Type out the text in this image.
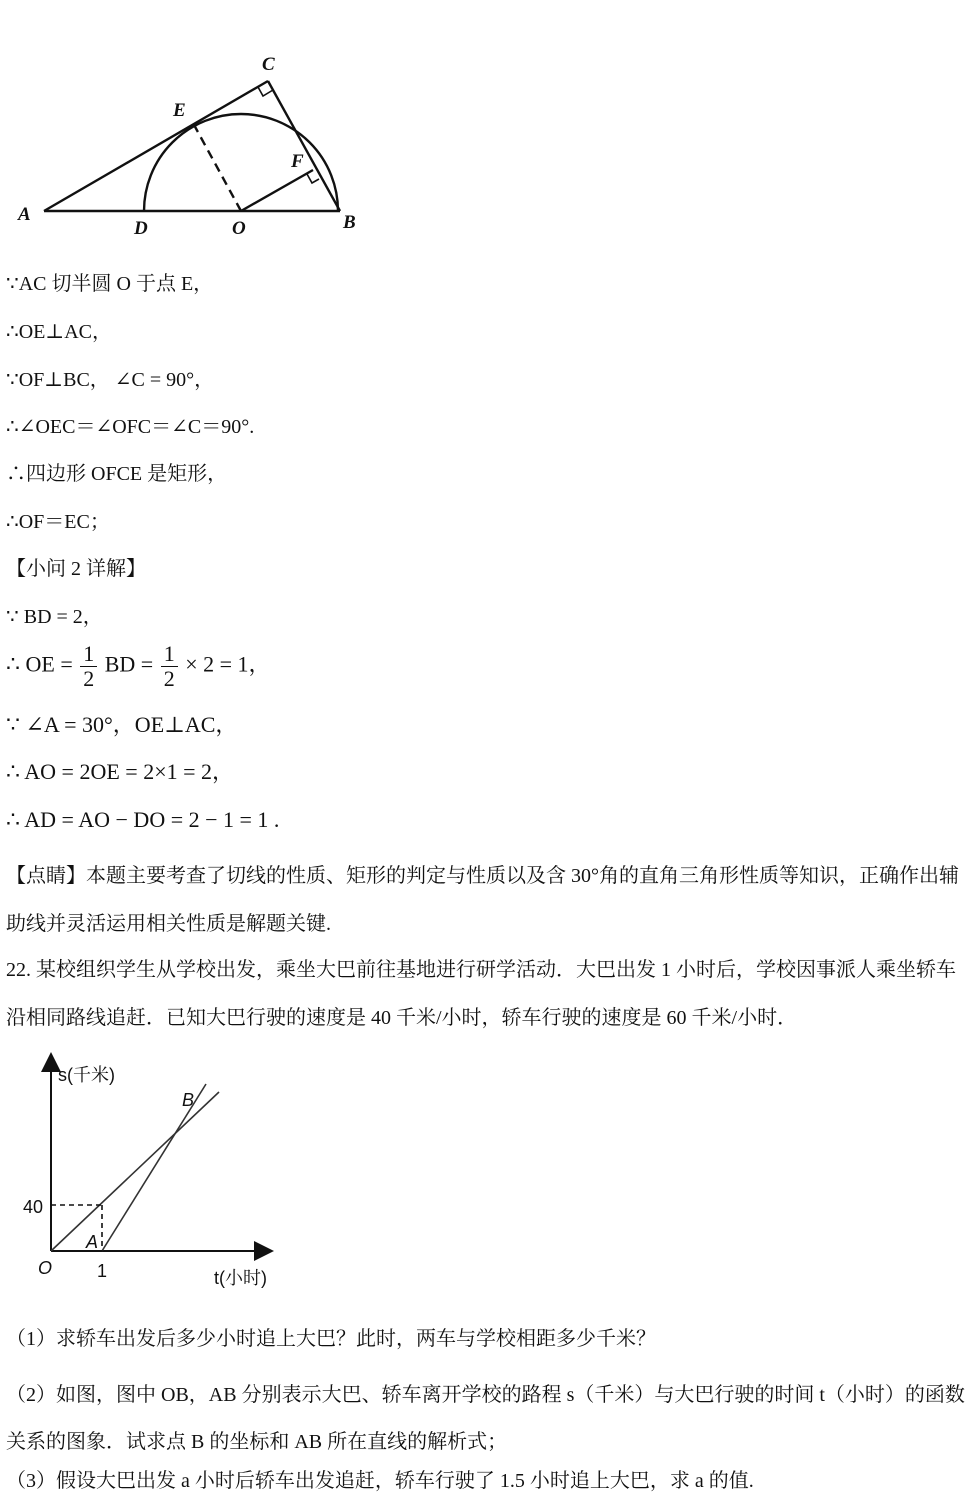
C
E
F
A
D	O	B
∵AC 切半圆 O 于点 E，
∴OE⊥AC，
∵OF⊥BC， ∠C = 90°，
∴∠OEC＝∠OFC＝∠C＝90°.
∴四边形 OFCE 是矩形，
∴OF＝EC；
【小问 2 详解】
∵ BD = 2，
∴ OE = $\frac{1}{2}$ BD = $\frac{1}{2} \times 2 = 1$，
∵ ∠A = 30°，OE⊥AC，
∴ AO = 2OE = 2×1 = 2，
∴ AD = AO − DO = 2 − 1 = 1 .
【点睛】本题主要考查了切线的性质、矩形的判定与性质以及含 30°角的直角三角形性质等知识，正确作出辅助线并灵活运用相关性质是解题关键.
22. 某校组织学生从学校出发，乘坐大巴前往基地进行研学活动．大巴出发 1 小时后，学校因事派人乘坐轿车沿相同路线追赶．已知大巴行驶的速度是 40 千米/小时，轿车行驶的速度是 60 千米/小时．
s(千米)
t(小时)
O
40
1
A
B
（1）求轿车出发后多少小时追上大巴？此时，两车与学校相距多少千米？
（2）如图，图中 OB，AB 分别表示大巴、轿车离开学校的路程 s（千米）与大巴行驶的时间 t（小时）的函数关系的图象．试求点 B 的坐标和 AB 所在直线的解析式；
（3）假设大巴出发 a 小时后轿车出发追赶，轿车行驶了 1.5 小时追上大巴，求 a 的值.
